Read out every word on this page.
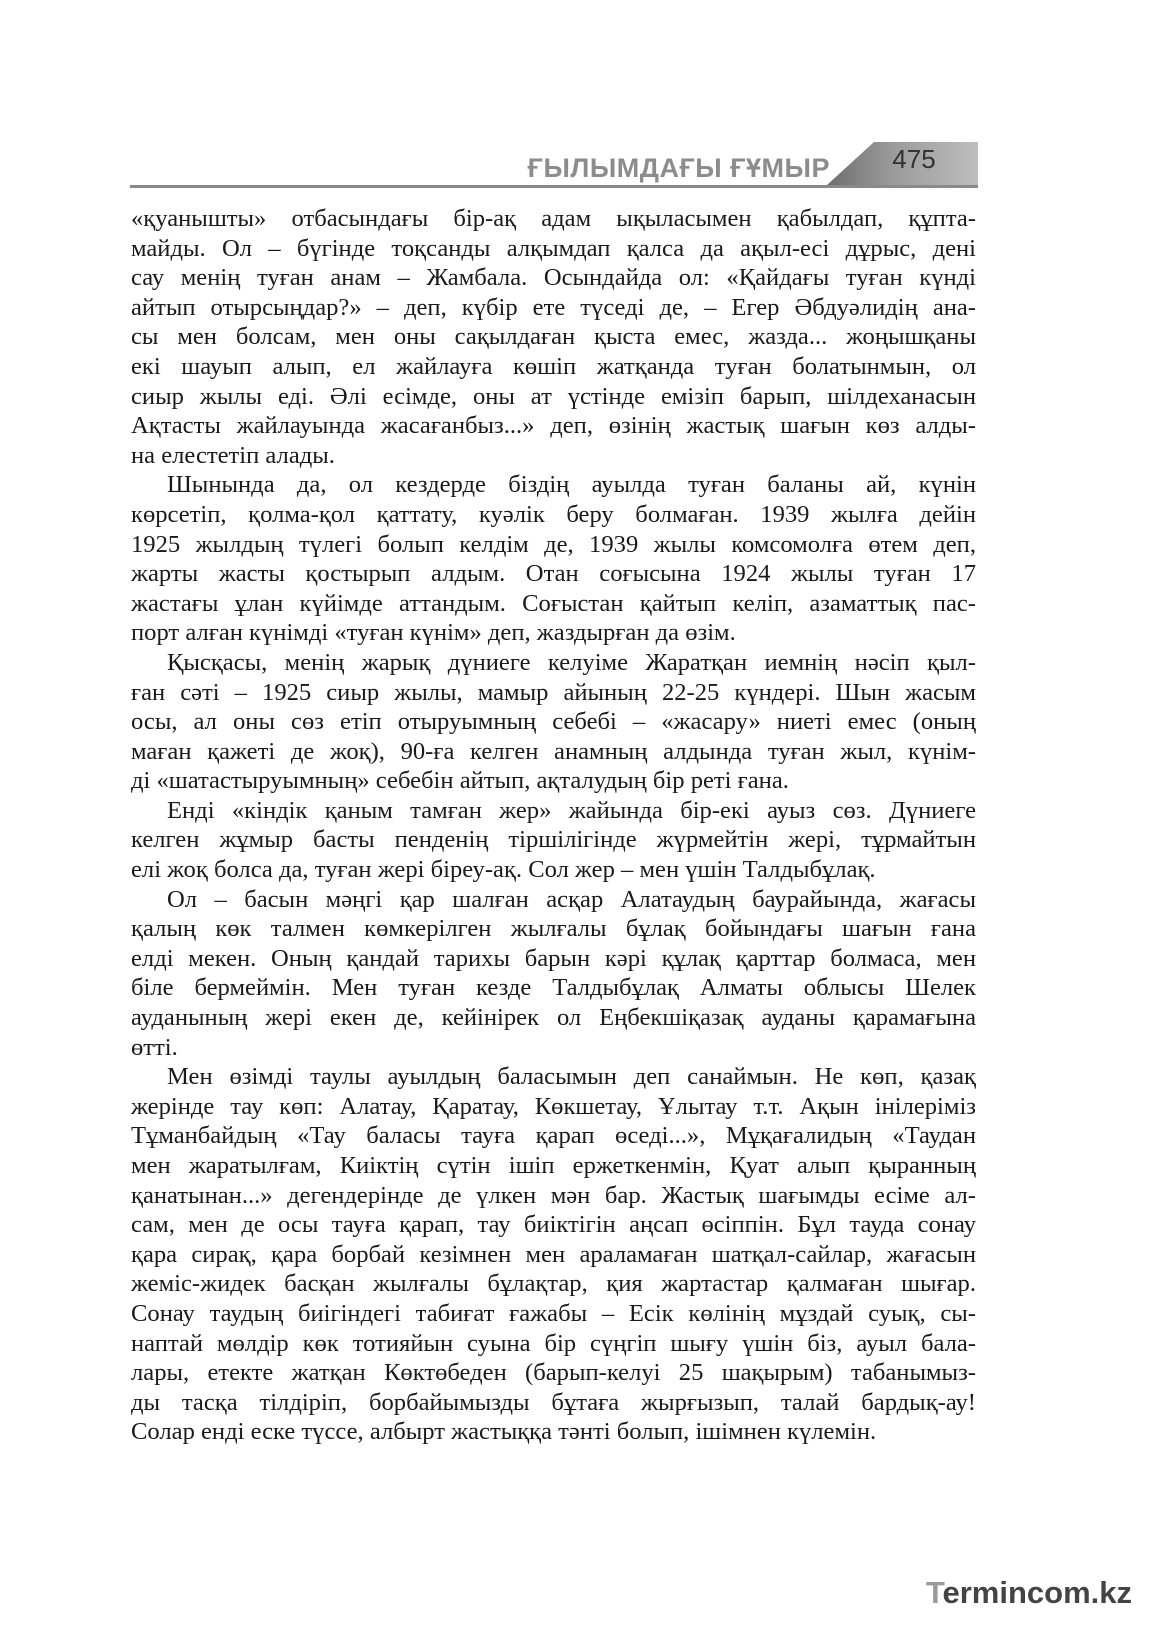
ҒЫЛЫМДАҒЫ ҒҰМЫР	475

«қуанышты» отбасындағы бір-ақ адам ықыласымен қабылдап, құпта-
майды. Ол – бүгінде тоқсанды алқымдап қалса да ақыл-есі дұрыс, дені
сау менің туған анам – Жамбала. Осындайда ол: «Қайдағы туған күнді
айтып отырсыңдар?» – деп, күбір ете түседі де, – Егер Әбдуәлидің ана-
сы мен болсам, мен оны сақылдаған қыста емес, жазда... жоңышқаны
екі шауып алып, ел жайлауға көшіп жатқанда туған болатынмын, ол
сиыр жылы еді. Әлі есімде, оны ат үстінде емізіп барып, шілдеханасын
Ақтасты жайлауында жасағанбыз...» деп, өзінің жастық шағын көз алды-
на елестетіп алады.

Шынында да, ол кездерде біздің ауылда туған баланы ай, күнін
көрсетіп, қолма-қол қаттату, куәлік беру болмаған. 1939 жылға дейін
1925 жылдың түлегі болып келдім де, 1939 жылы комсомолға өтем деп,
жарты жасты қостырып алдым. Отан соғысына 1924 жылы туған 17
жастағы ұлан күйімде аттандым. Соғыстан қайтып келіп, азаматтық пас-
порт алған күнімді «туған күнім» деп, жаздырған да өзім.

Қысқасы, менің жарық дүниеге келуіме Жаратқан иемнің нәсіп қыл-
ған сәті – 1925 сиыр жылы, мамыр айының 22-25 күндері. Шын жасым
осы, ал оны сөз етіп отыруымның себебі – «жасару» ниеті емес (оның
маған қажеті де жоқ), 90-ға келген анамның алдында туған жыл, күнім-
ді «шатастыруымның» себебін айтып, ақталудың бір реті ғана.

Енді «кіндік қаным тамған жер» жайында бір-екі ауыз сөз. Дүниеге
келген жұмыр басты пенденің тіршілігінде жүрмейтін жері, тұрмайтын
елі жоқ болса да, туған жері біреу-ақ. Сол жер – мен үшін Талдыбұлақ.

Ол – басын мәңгі қар шалған асқар Алатаудың баурайында, жағасы
қалың көк талмен көмкерілген жылғалы бұлақ бойындағы шағын ғана
елді мекен. Оның қандай тарихы барын кәрі құлақ қарттар болмаса, мен
біле бермеймін. Мен туған кезде Талдыбұлақ Алматы облысы Шелек
ауданының жері екен де, кейінірек ол Еңбекшіқазақ ауданы қарамағына
өтті.

Мен өзімді таулы ауылдың баласымын деп санаймын. Не көп, қазақ
жерінде тау көп: Алатау, Қаратау, Көкшетау, Ұлытау т.т. Ақын інілеріміз
Тұманбайдың «Тау баласы тауға қарап өседі...», Мұқағалидың «Таудан
мен жаратылғам, Киіктің сүтін ішіп ержеткенмін, Қуат алып қыранның
қанатынан...» дегендерінде де үлкен мән бар. Жастық шағымды есіме ал-
сам, мен де осы тауға қарап, тау биіктігін аңсап өсіппін. Бұл тауда сонау
қара сирақ, қара борбай кезімнен мен араламаған шатқал-сайлар, жағасын
жеміс-жидек басқан жылғалы бұлақтар, қия жартастар қалмаған шығар.
Сонау таудың биігіндегі табиғат ғажабы – Есік көлінің мұздай суық, сы-
наптай мөлдір көк тотияйын суына бір сүңгіп шығу үшін біз, ауыл бала-
лары, етекте жатқан Көктөбеден (барып-келуі 25 шақырым) табанымыз-
ды тасқа тілдіріп, борбайымызды бұтаға жырғызып, талай бардық-ау!
Солар енді еске түссе, албырт жастыққа тәнті болып, ішімнен күлемін.

Termincom.kz
